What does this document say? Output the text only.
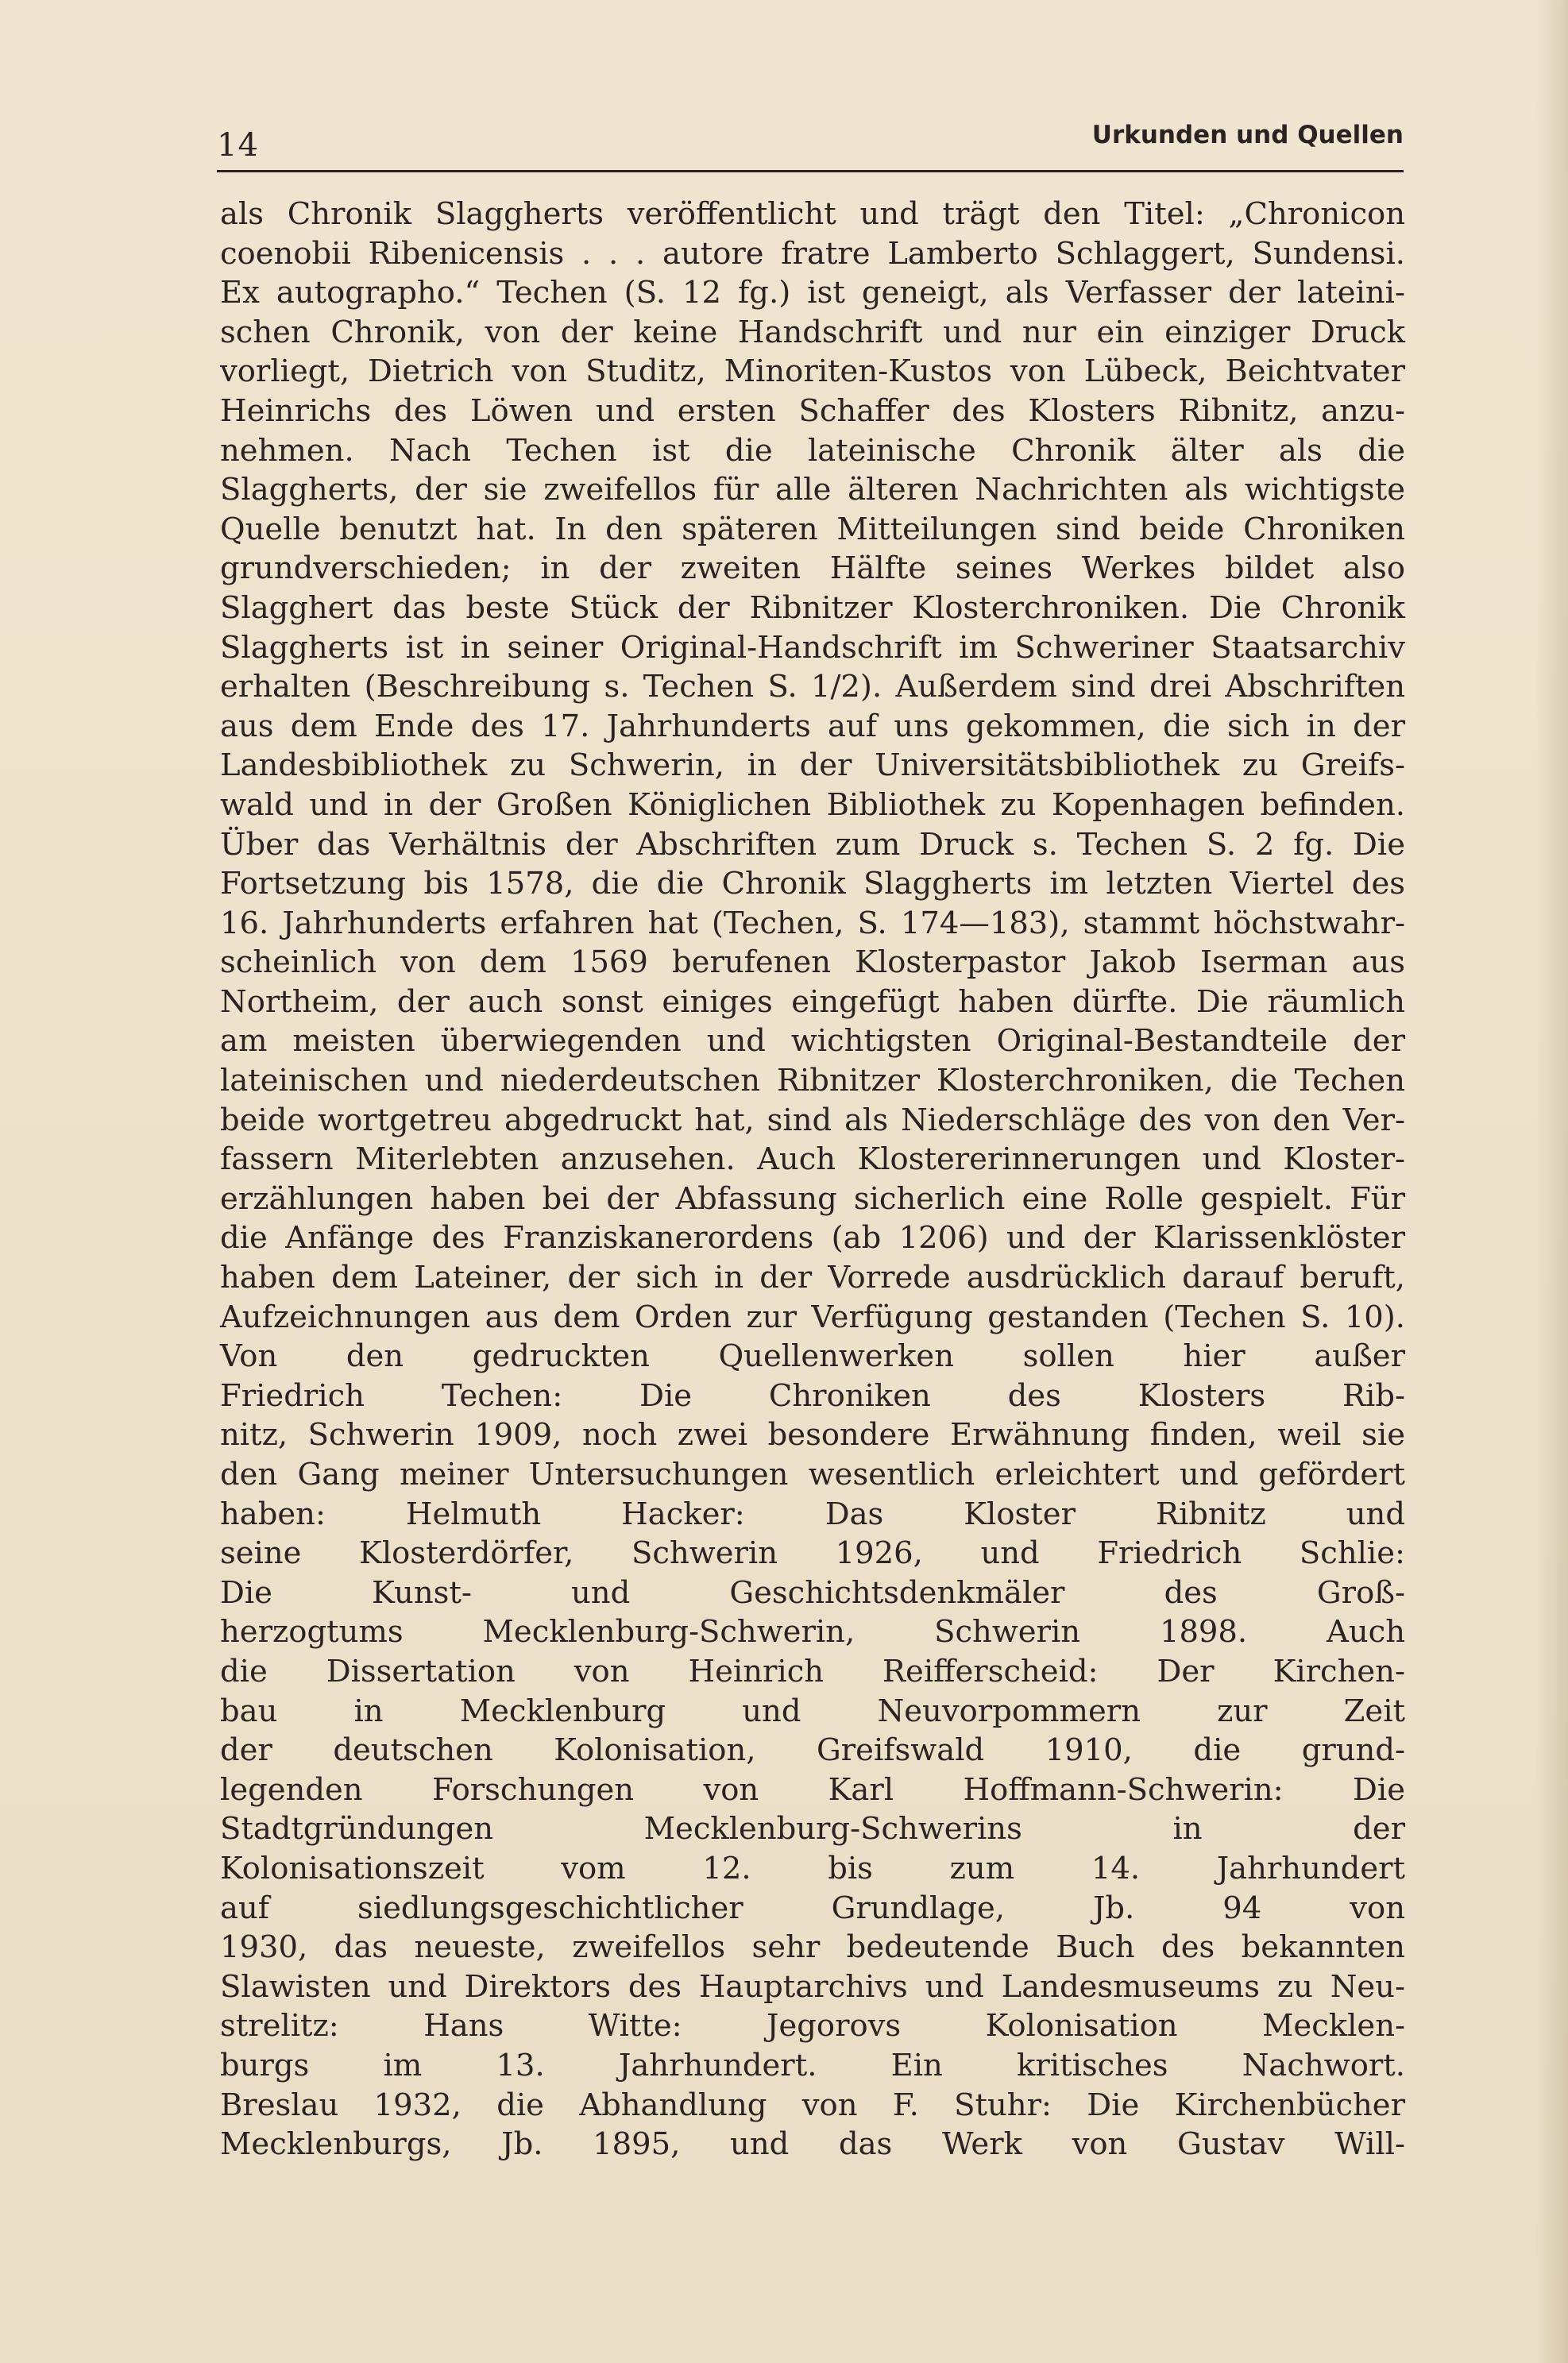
14	Urkunden und Quellen
als Chronik Slaggherts veröffentlicht und trägt den Titel: „Chronicon
coenobii Ribenicensis . . . autore fratre Lamberto Schlaggert, Sundensi.
Ex autographo.“ Techen (S. 12 fg.) ist geneigt, als Verfasser der lateini-
schen Chronik, von der keine Handschrift und nur ein einziger Druck
vorliegt, Dietrich von Studitz, Minoriten-Kustos von Lübeck, Beichtvater
Heinrichs des Löwen und ersten Schaffer des Klosters Ribnitz, anzu-
nehmen. Nach Techen ist die lateinische Chronik älter als die
Slaggherts, der sie zweifellos für alle älteren Nachrichten als wichtigste
Quelle benutzt hat. In den späteren Mitteilungen sind beide Chroniken
grundverschieden; in der zweiten Hälfte seines Werkes bildet also
Slagghert das beste Stück der Ribnitzer Klosterchroniken. Die Chronik
Slaggherts ist in seiner Original-Handschrift im Schweriner Staatsarchiv
erhalten (Beschreibung s. Techen S. 1/2). Außerdem sind drei Abschriften
aus dem Ende des 17. Jahrhunderts auf uns gekommen, die sich in der
Landesbibliothek zu Schwerin, in der Universitätsbibliothek zu Greifs-
wald und in der Großen Königlichen Bibliothek zu Kopenhagen befinden.
Über das Verhältnis der Abschriften zum Druck s. Techen S. 2 fg. Die
Fortsetzung bis 1578, die die Chronik Slaggherts im letzten Viertel des
16. Jahrhunderts erfahren hat (Techen, S. 174—183), stammt höchstwahr-
scheinlich von dem 1569 berufenen Klosterpastor Jakob Iserman aus
Northeim, der auch sonst einiges eingefügt haben dürfte. Die räumlich
am meisten überwiegenden und wichtigsten Original-Bestandteile der
lateinischen und niederdeutschen Ribnitzer Klosterchroniken, die Techen
beide wortgetreu abgedruckt hat, sind als Niederschläge des von den Ver-
fassern Miterlebten anzusehen. Auch Klostererinnerungen und Kloster-
erzählungen haben bei der Abfassung sicherlich eine Rolle gespielt. Für
die Anfänge des Franziskanerordens (ab 1206) und der Klarissenklöster
haben dem Lateiner, der sich in der Vorrede ausdrücklich darauf beruft,
Aufzeichnungen aus dem Orden zur Verfügung gestanden (Techen S. 10).
Von den gedruckten Quellenwerken sollen hier außer
Friedrich Techen: Die Chroniken des Klosters Rib-
nitz, Schwerin 1909, noch zwei besondere Erwähnung finden, weil sie
den Gang meiner Untersuchungen wesentlich erleichtert und gefördert
haben: Helmuth Hacker: Das Kloster Ribnitz und
seine Klosterdörfer, Schwerin 1926, und Friedrich Schlie:
Die Kunst- und Geschichtsdenkmäler des Groß-
herzogtums Mecklenburg-Schwerin, Schwerin 1898. Auch
die Dissertation von Heinrich Reifferscheid: Der Kirchen-
bau in Mecklenburg und Neuvorpommern zur Zeit
der deutschen Kolonisation, Greifswald 1910, die grund-
legenden Forschungen von Karl Hoffmann-Schwerin: Die
Stadtgründungen Mecklenburg-Schwerins in der
Kolonisationszeit vom 12. bis zum 14. Jahrhundert
auf siedlungsgeschichtlicher Grundlage, Jb. 94 von
1930, das neueste, zweifellos sehr bedeutende Buch des bekannten
Slawisten und Direktors des Hauptarchivs und Landesmuseums zu Neu-
strelitz: Hans Witte: Jegorovs Kolonisation Mecklen-
burgs im 13. Jahrhundert. Ein kritisches Nachwort.
Breslau 1932, die Abhandlung von F. Stuhr: Die Kirchenbücher
Mecklenburgs, Jb. 1895, und das Werk von Gustav Will-
